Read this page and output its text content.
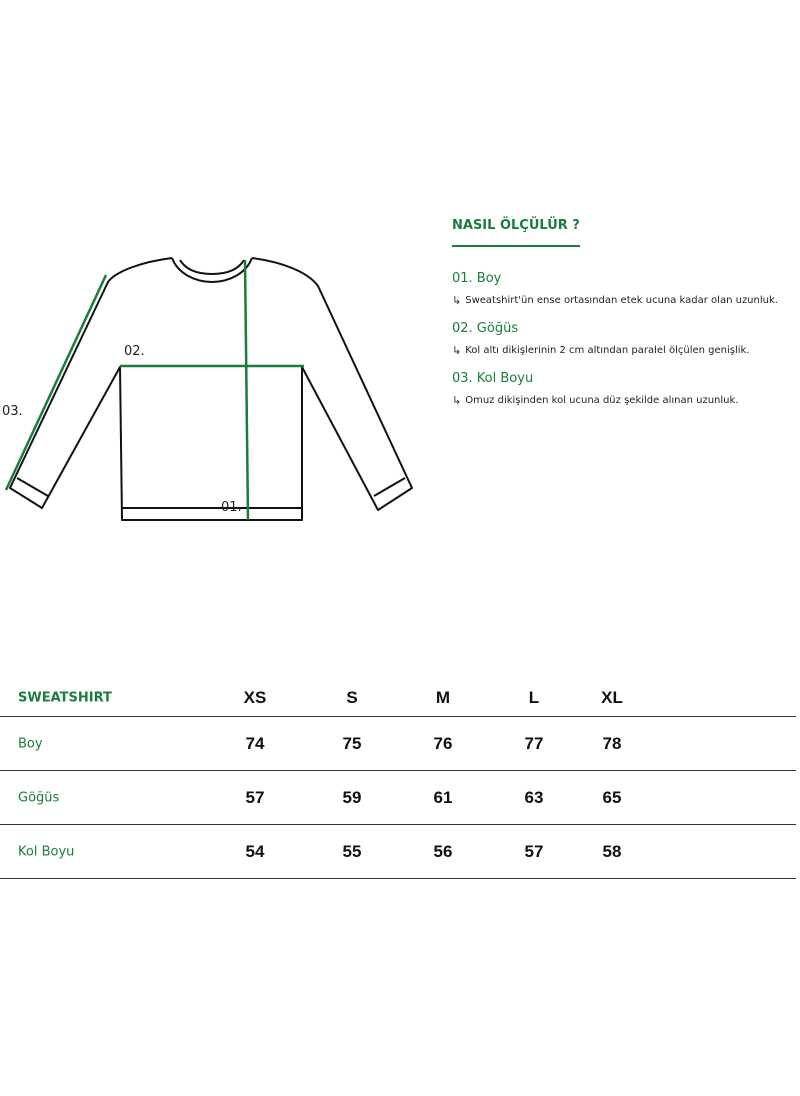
02.
03.
01.
NASIL ÖLÇÜLÜR ?
01. Boy
↳ Sweatshirt'ün ense ortasından etek ucuna kadar olan uzunluk.
02. Göğüs
↳ Kol altı dikişlerinin 2 cm altından paralel ölçülen genişlik.
03. Kol Boyu
↳ Omuz dikişinden kol ucuna düz şekilde alınan uzunluk.
SWEATSHIRT	XS	S	M	L	XL
Boy	74	75	76	77	78
Göğüs	57	59	61	63	65
Kol Boyu	54	55	56	57	58
